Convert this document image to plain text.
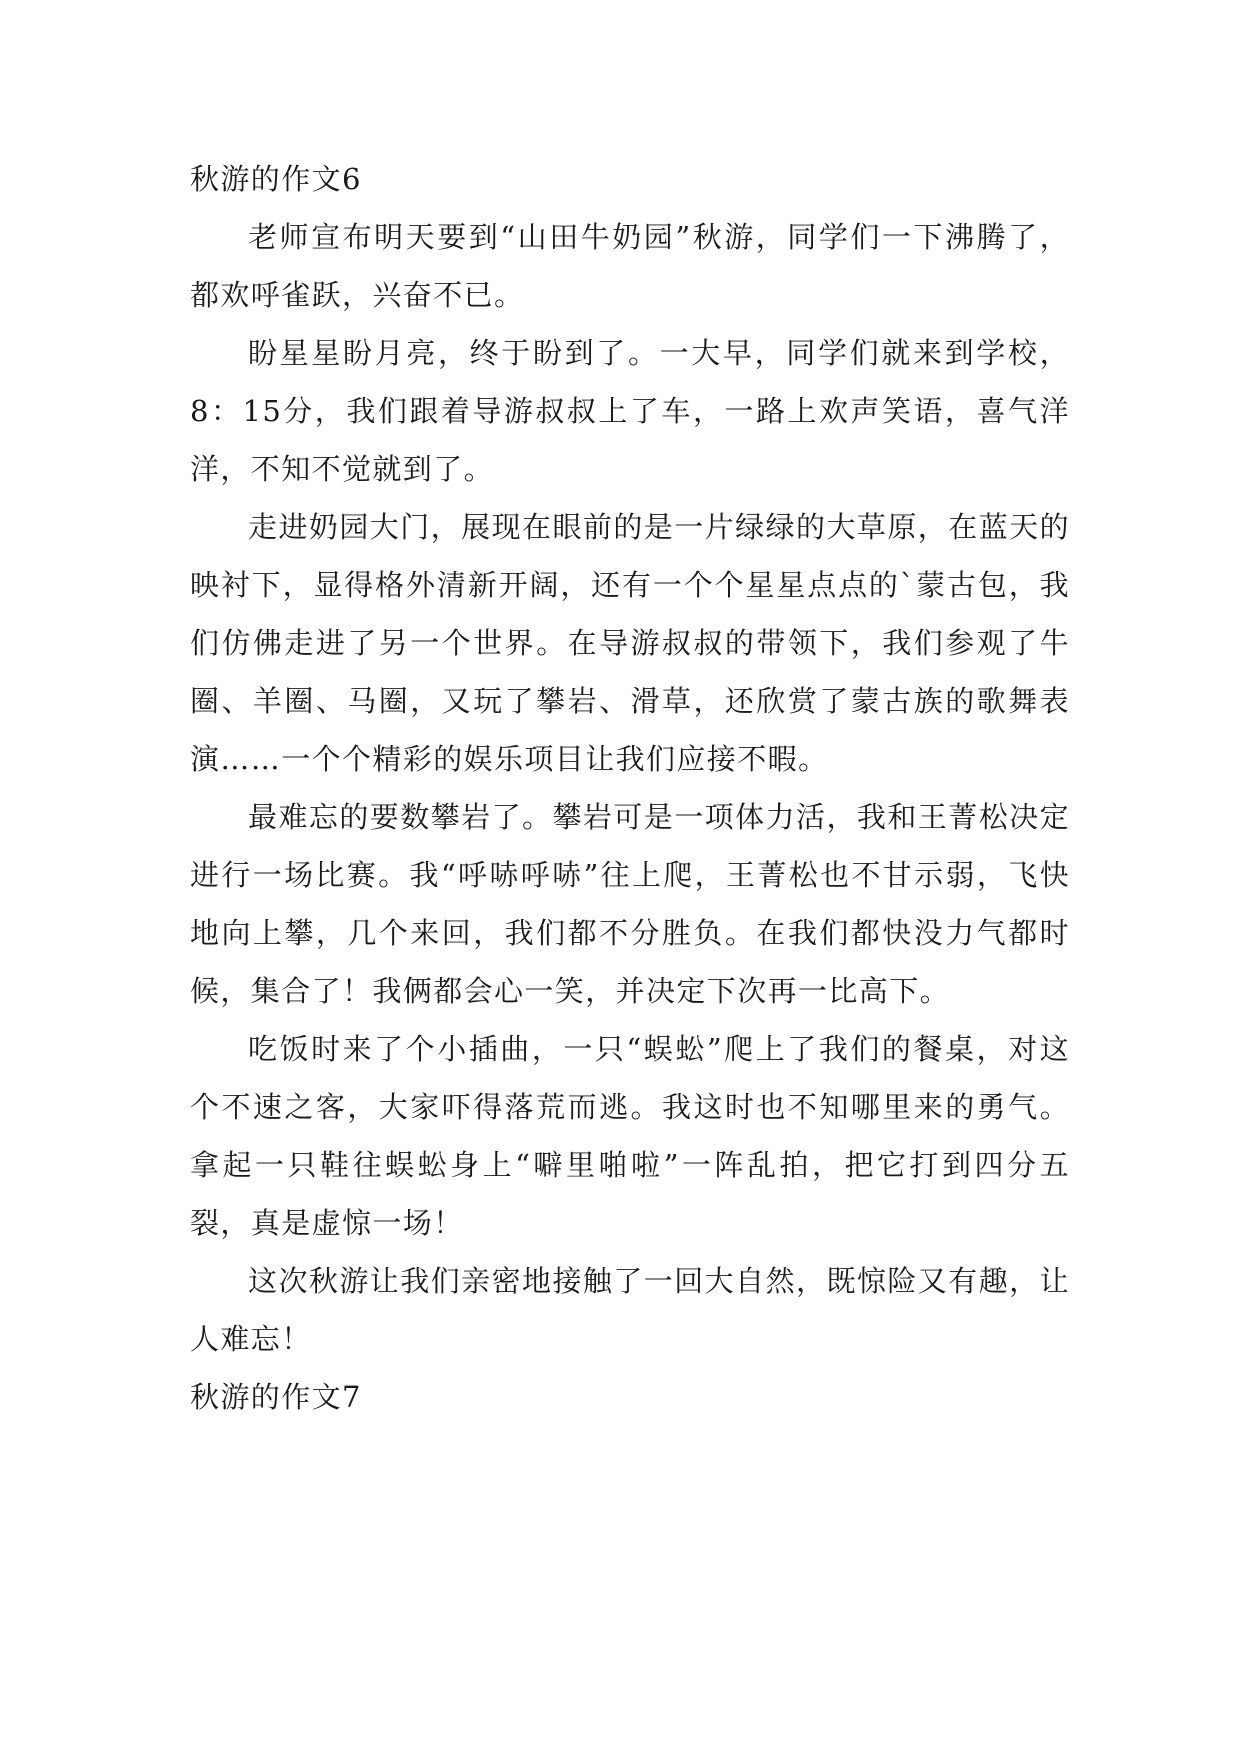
秋游的作文6

老师宣布明天要到“山田牛奶园”秋游，同学们一下沸腾了，都欢呼雀跃，兴奋不已。

盼星星盼月亮，终于盼到了。一大早，同学们就来到学校，8：15分，我们跟着导游叔叔上了车，一路上欢声笑语，喜气洋洋，不知不觉就到了。

走进奶园大门，展现在眼前的是一片绿绿的大草原，在蓝天的映衬下，显得格外清新开阔，还有一个个星星点点的`蒙古包，我们仿佛走进了另一个世界。在导游叔叔的带领下，我们参观了牛圈、羊圈、马圈，又玩了攀岩、滑草，还欣赏了蒙古族的歌舞表演……一个个精彩的娱乐项目让我们应接不暇。

最难忘的要数攀岩了。攀岩可是一项体力活，我和王菁松决定进行一场比赛。我“呼哧呼哧”往上爬，王菁松也不甘示弱，飞快地向上攀，几个来回，我们都不分胜负。在我们都快没力气都时候，集合了！我俩都会心一笑，并决定下次再一比高下。

吃饭时来了个小插曲，一只“蜈蚣”爬上了我们的餐桌，对这个不速之客，大家吓得落荒而逃。我这时也不知哪里来的勇气。拿起一只鞋往蜈蚣身上“噼里啪啦”一阵乱拍，把它打到四分五裂，真是虚惊一场！

这次秋游让我们亲密地接触了一回大自然，既惊险又有趣，让人难忘！

秋游的作文7
